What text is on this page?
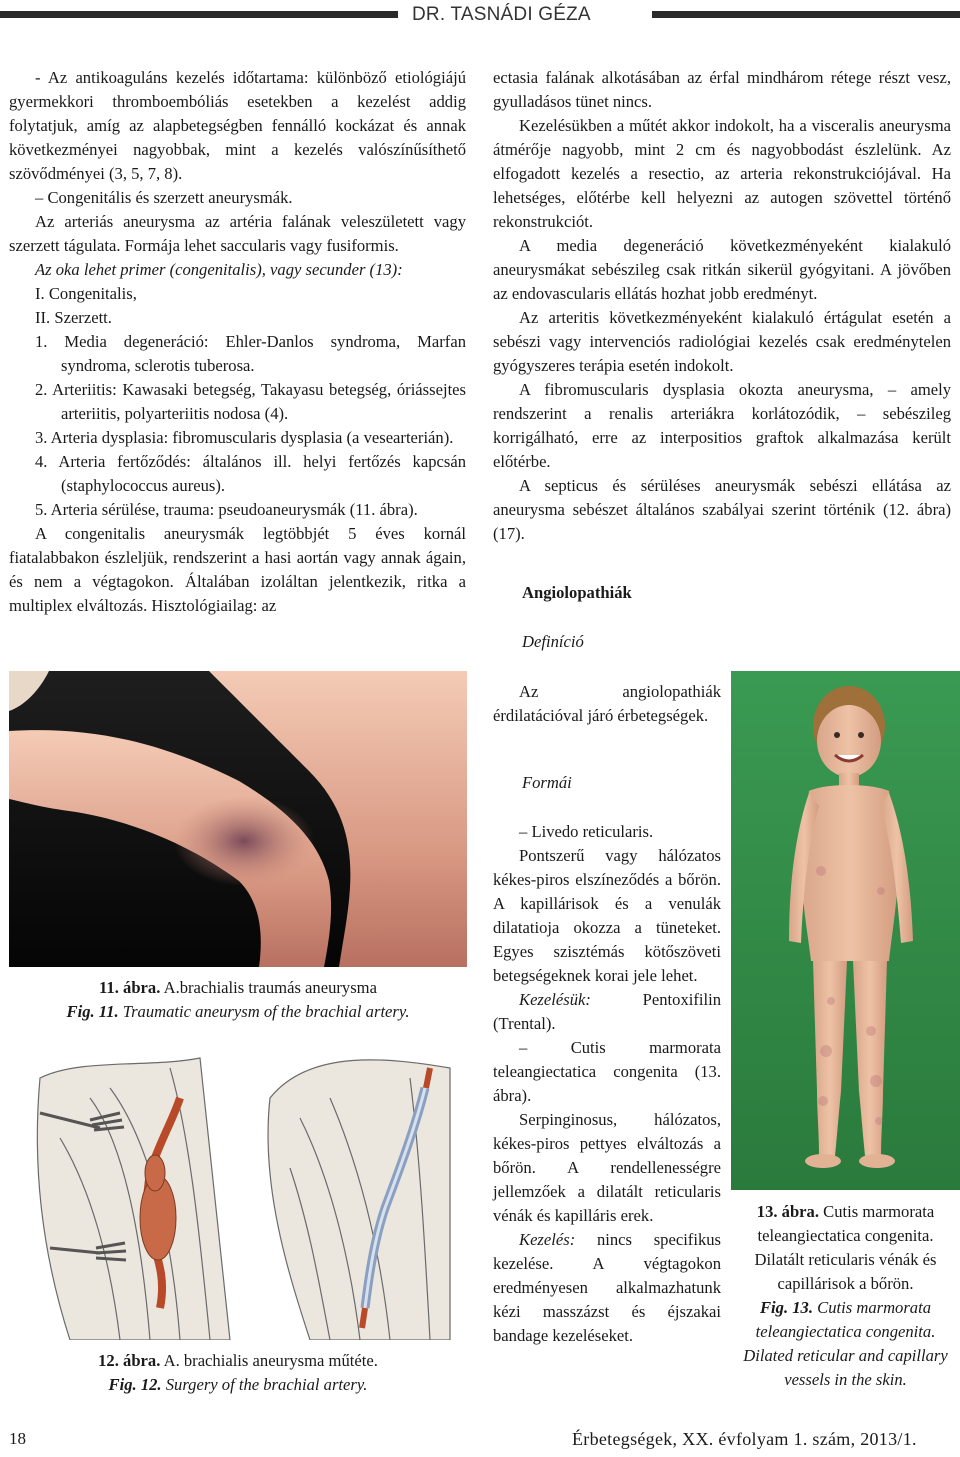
DR. TASNÁDI GÉZA

- Az antikoaguláns kezelés időtartama: különböző etiológiájú gyermekkori thromboembóliás esetekben a kezelést addig folytatjuk, amíg az alapbetegségben fennálló kockázat és annak következményei nagyobbak, mint a kezelés valószínűsíthető szövődményei (3, 5, 7, 8).

– Congenitális és szerzett aneurysmák.

Az arteriás aneurysma az artéria falának veleszületett vagy szerzett tágulata. Formája lehet saccularis vagy fusiformis.

Az oka lehet primer (congenitalis), vagy secunder (13):

I. Congenitalis,

II. Szerzett.

1. Media degeneráció: Ehler-Danlos syndroma, Marfan syndroma, sclerotis tuberosa.

2. Arteriitis: Kawasaki betegség, Takayasu betegség, óriássejtes arteriitis, polyarteriitis nodosa (4).

3. Arteria dysplasia: fibromuscularis dysplasia (a vesearterián).

4. Arteria fertőződés: általános ill. helyi fertőzés kapcsán (staphylococcus aureus).

5. Arteria sérülése, trauma: pseudoaneurysmák (11. ábra).

A congenitalis aneurysmák legtöbbjét 5 éves kornál fiatalabbakon észleljük, rendszerint a hasi aortán vagy annak ágain, és nem a végtagokon. Általában izoláltan jelentkezik, ritka a multiplex elváltozás. Hisztológiailag: az

ectasia falának alkotásában az érfal mindhárom rétege részt vesz, gyulladásos tünet nincs.

Kezelésükben a műtét akkor indokolt, ha a visceralis aneurysma átmérője nagyobb, mint 2 cm és nagyobbodást észlelünk. Az elfogadott kezelés a resectio, az arteria rekonstrukciójával. Ha lehetséges, előtérbe kell helyezni az autogen szövettel történő rekonstrukciót.

A media degeneráció következményeként kialakuló aneurysmákat sebészileg csak ritkán sikerül gyógyitani. A jövőben az endovascularis ellátás hozhat jobb eredményt.

Az arteritis következményeként kialakuló értágulat esetén a sebészi vagy intervenciós radiológiai kezelés csak eredménytelen gyógyszeres terápia esetén indokolt.

A fibromuscularis dysplasia okozta aneurysma, – amely rendszerint a renalis arteriákra korlátozódik, – sebészileg korrigálható, erre az interpositios graftok alkalmazása került előtérbe.

A septicus és sérüléses aneurysmák sebészi ellátása az aneurysma sebészet általános szabályai szerint történik (12. ábra) (17).

Angiolopathiák
Definíció

Az angiolopathiák érdilatációval járó érbetegségek.

Formái

– Livedo reticularis.

Pontszerű vagy hálózatos kékes-piros elszíneződés a bőrön. A kapillárisok és a venulák dilatatioja okozza a tüneteket. Egyes szisztémás kötőszöveti betegségeknek korai jele lehet.

Kezelésük:	Pentoxifilin (Trental).

– Cutis marmorata teleangiectatica congenita (13. ábra).

Serpinginosus, hálózatos, kékes-piros pettyes elváltozás a bőrön. A rendellenességre jellemzőek a dilatált reticularis vénák és kapilláris erek.

Kezelés: nincs specifikus kezelése. A végtagokon eredményesen alkalmazhatunk kézi masszázst és éjszakai bandage kezeléseket.

11. ábra. A.brachialis traumás aneurysma
Fig. 11. Traumatic aneurysm of the brachial artery.
12. ábra. A. brachialis aneurysma műtéte.
Fig. 12. Surgery of the brachial artery.
13. ábra. Cutis marmorata teleangiectatica congenita. Dilatált reticularis vénák és capillárisok a bőrön.
Fig. 13. Cutis marmorata teleangiectatica congenita. Dilated reticular and capillary vessels in the skin.
18	Érbetegségek, XX. évfolyam 1. szám, 2013/1.
